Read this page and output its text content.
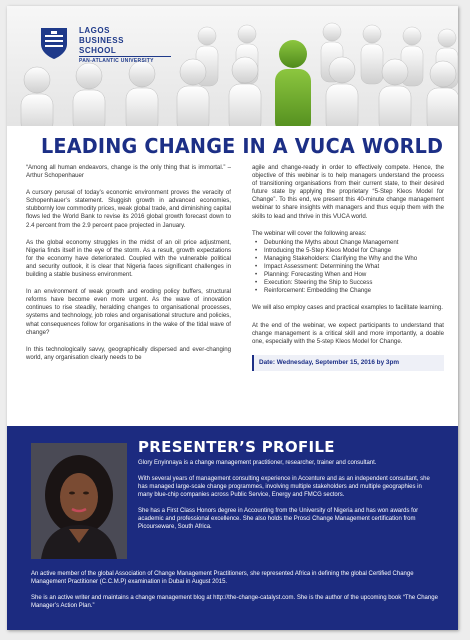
LAGOS
BUSINESS
SCHOOL
PAN-ATLANTIC UNIVERSITY
LEADING CHANGE IN A VUCA WORLD

“Among all human endeavors, change is the only thing that is immortal.” – Arthur Schopenhauer

A cursory perusal of today’s economic environment proves the veracity of Schopenhauer’s statement. Sluggish growth in advanced economies, stubbornly low commodity prices, weak global trade, and diminishing capital flows led the World Bank to revise its 2016 global growth forecast down to 2.4 percent from the 2.9 percent pace projected in January.

As the global economy struggles in the midst of an oil price adjustment, Nigeria finds itself in the eye of the storm. As a result, growth expectations for the economy have deteriorated. Coupled with the vulnerable political and security outlook, it is clear that Nigeria faces significant challenges in building a stable business environment.

In an environment of weak growth and eroding policy buffers, structural reforms have become even more urgent. As the wave of innovation continues to rise steadily, heralding changes to organisational processes, systems and technology, job roles and organisational structure and policies, what consequences follow for organisations in the wake of the tidal wave of change?

In this technologically savvy, geographically dispersed and ever-changing world, any organisation clearly needs to be

agile and change-ready in order to effectively compete. Hence, the objective of this webinar is to help managers understand the process of transitioning organisations from their current state, to their desired future state by applying the proprietary “5-Step Kleos Model for Change”. To this end, we present this 40-minute change management webinar to share insights with managers and thus equip them with the skills to lead and thrive in this VUCA world.

The webinar will cover the following areas:
• Debunking the Myths about Change Management
• Introducing the 5-Step Kleos Model for Change
• Managing Stakeholders: Clarifying the Why and the Who
• Impact Assessment: Determining the What
• Planning: Forecasting When and How
• Execution: Steering the Ship to Success
• Reinforcement: Embedding the Change

We will also employ cases and practical examples to facilitate learning.

At the end of the webinar, we expect participants to understand that change management is a critical skill and more importantly, a doable one, especially with the 5-step Kleos Model for Change.

Date: Wednesday, September 15, 2016 by 3pm
PRESENTER’S PROFILE

Glory Enyinnaya is a change management practitioner, researcher, trainer and consultant.

With several years of management consulting experience in Accenture and as an independent consultant, she has managed large-scale change programmes, involving multiple stakeholders and multiple geographies in many blue-chip companies across Public Service, Energy and FMCG sectors.

She has a First Class Honors degree in Accounting from the University of Nigeria and has won awards for academic and professional excellence. She also holds the Prosci Change Management certification from Picourseware, South Africa.

An active member of the global Association of Change Management Practitioners, she represented Africa in defining the global Certified Change Management Practitioner (C.C.M.P) examination in Dubai in August 2015.

She is an active writer and maintains a change management blog at http://the-change-catalyst.com. She is the author of the upcoming book “The Change Manager’s Action Plan.”
